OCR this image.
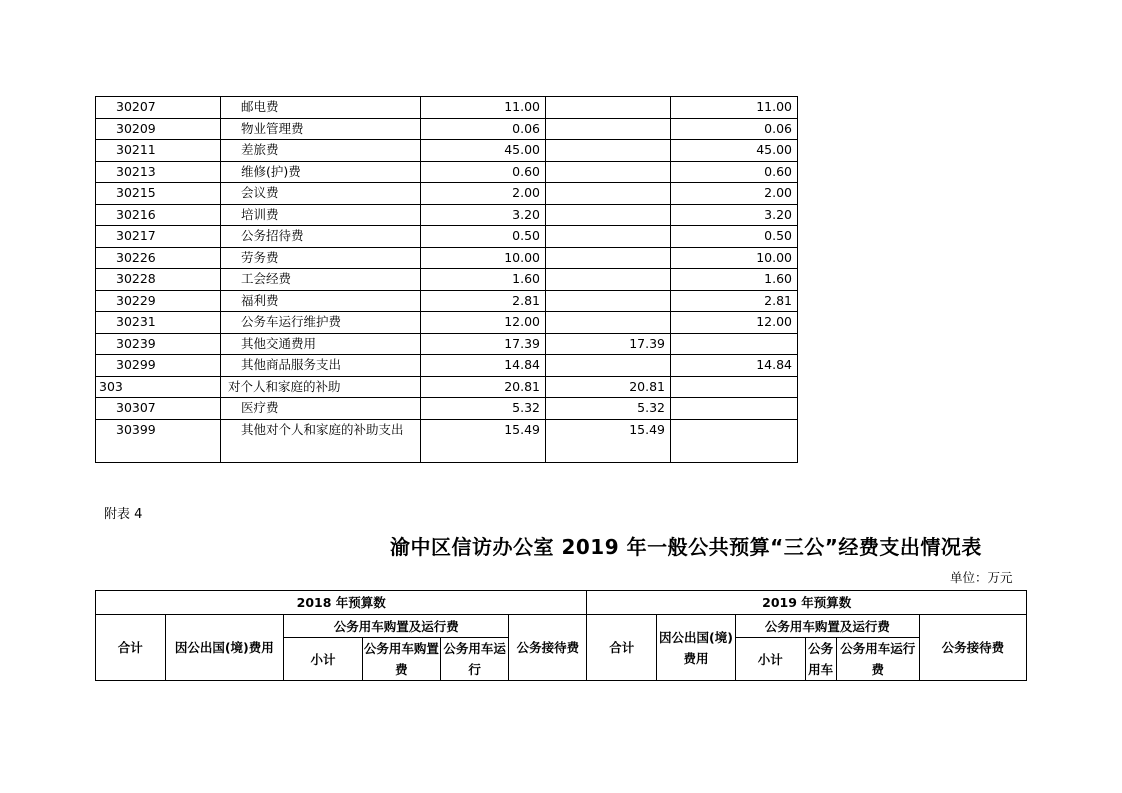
30207	邮电费	11.00		11.00
30209	物业管理费	0.06		0.06
30211	差旅费	45.00		45.00
30213	维修(护)费	0.60		0.60
30215	会议费	2.00		2.00
30216	培训费	3.20		3.20
30217	公务招待费	0.50		0.50
30226	劳务费	10.00		10.00
30228	工会经费	1.60		1.60
30229	福利费	2.81		2.81
30231	公务车运行维护费	12.00		12.00
30239	其他交通费用	17.39	17.39	
30299	其他商品服务支出	14.84		14.84
303	对个人和家庭的补助	20.81	20.81	
30307	医疗费	5.32	5.32	
30399	其他对个人和家庭的补助支出	15.49	15.49	
附表 4
渝中区信访办公室 2019 年一般公共预算“三公”经费支出情况表
单位：万元
2018 年预算数						2019 年预算数					
合计	因公出国(境)费用	公务用车购置及运行费			公务接待费	合计	因公出国(境)费用	公务用车购置及运行费			公务接待费
		小计	公务用车购置费	公务用车运行				小计	公务用车	公务用车运行费	
